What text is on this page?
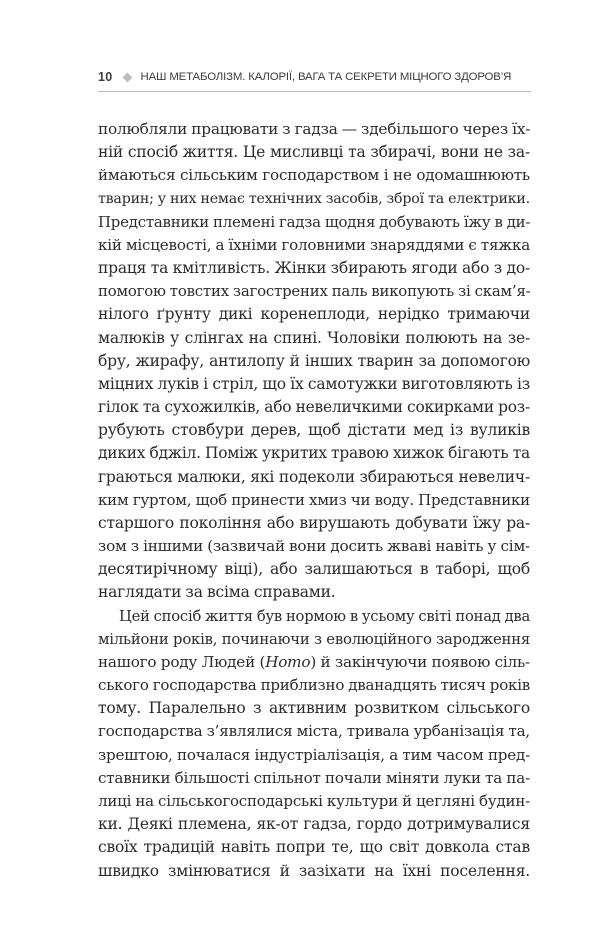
10 НАШ МЕТАБОЛІЗМ. КАЛОРІЇ, ВАГА ТА СЕКРЕТИ МІЦНОГО ЗДОРОВ’Я
полюбляли працювати з гадза — здебільшого через їх-
ній спосіб життя. Це мисливці та збирачі, вони не за-
ймаються сільським господарством і не одомашнюють
тварин; у них немає технічних засобів, зброї та електрики.
Представники племені гадза щодня добувають їжу в ди-
кій місцевості, а їхніми головними знаряддями є тяжка
праця та кмітливість. Жінки збирають ягоди або з до-
помогою товстих загострених паль викопують зі скам’я-
нілого ґрунту дикі коренеплоди, нерідко тримаючи
малюків у слінгах на спині. Чоловіки полюють на зе-
бру, жирафу, антилопу й інших тварин за допомогою
міцних луків і стріл, що їх самотужки виготовляють із
гілок та сухожилків, або невеличкими сокирками роз-
рубують стовбури дерев, щоб дістати мед із вуликів
диких бджіл. Поміж укритих травою хижок бігають та
граються малюки, які подеколи збираються невелич-
ким гуртом, щоб принести хмиз чи воду. Представники
старшого покоління або вирушають добувати їжу ра-
зом з іншими (зазвичай вони досить жваві навіть у сім-
десятирічному віці), або залишаються в таборі, щоб
наглядати за всіма справами.
Цей спосіб життя був нормою в усьому світі понад два
мільйони років, починаючи з еволюційного зародження
нашого роду Людей (Homo) й закінчуючи появою сіль-
ського господарства приблизно дванадцять тисяч років
тому. Паралельно з активним розвитком сільського
господарства з’являлися міста, тривала урбанізація та,
зрештою, почалася індустріалізація, а тим часом пред-
ставники більшості спільнот почали міняти луки та па-
лиці на сільськогосподарські культури й цегляні будин-
ки. Деякі племена, як-от гадза, гордо дотримувалися
своїх традицій навіть попри те, що світ довкола став
швидко змінюватися й зазіхати на їхні поселення.
